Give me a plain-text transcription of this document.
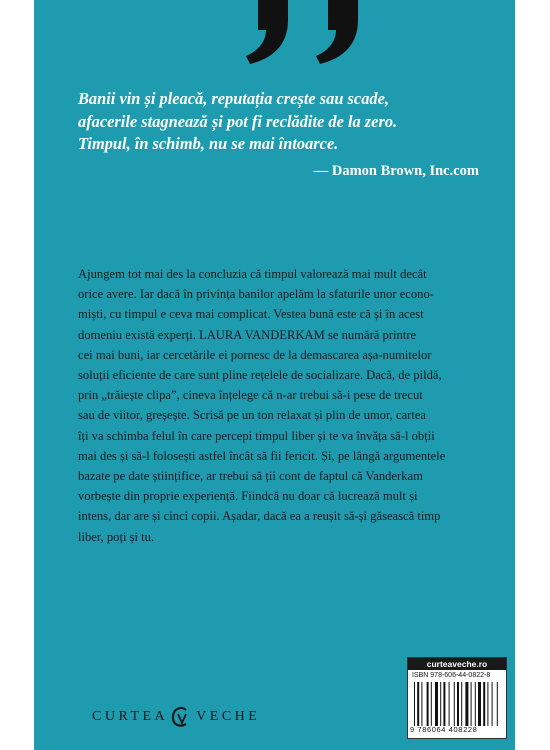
Banii vin și pleacă, reputația crește sau scade,
afacerile stagnează și pot fi reclădite de la zero.
Timpul, în schimb, nu se mai întoarce.
— Damon Brown, Inc.com
Ajungem tot mai des la concluzia că timpul valorează mai mult decât
orice avere. Iar dacă în privința banilor apelăm la sfaturile unor econo-
miști, cu timpul e ceva mai complicat. Vestea bună este că și în acest
domeniu există experți. LAURA VANDERKAM se numără printre
cei mai buni, iar cercetările ei pornesc de la demascarea așa-numitelor
soluții eficiente de care sunt pline rețelele de socializare. Dacă, de pildă,
prin „trăiește clipa”, cineva înțelege că n-ar trebui să-i pese de trecut
sau de viitor, greșește. Scrisă pe un ton relaxat și plin de umor, cartea
îți va schimba felul în care percepi timpul liber și te va învăța să-l obții
mai des și să-l folosești astfel încât să fii fericit. Și, pe lângă argumentele
bazate pe date științifice, ar trebui să ții cont de faptul că Vanderkam
vorbește din proprie experiență. Fiindcă nu doar că lucrează mult și
intens, dar are și cinci copii. Așadar, dacă ea a reușit să-și găsească timp
liber, poți și tu.
CURTEA VECHE
curteaveche.ro
ISBN 978-606-44-0822-8
9 786064 408228
